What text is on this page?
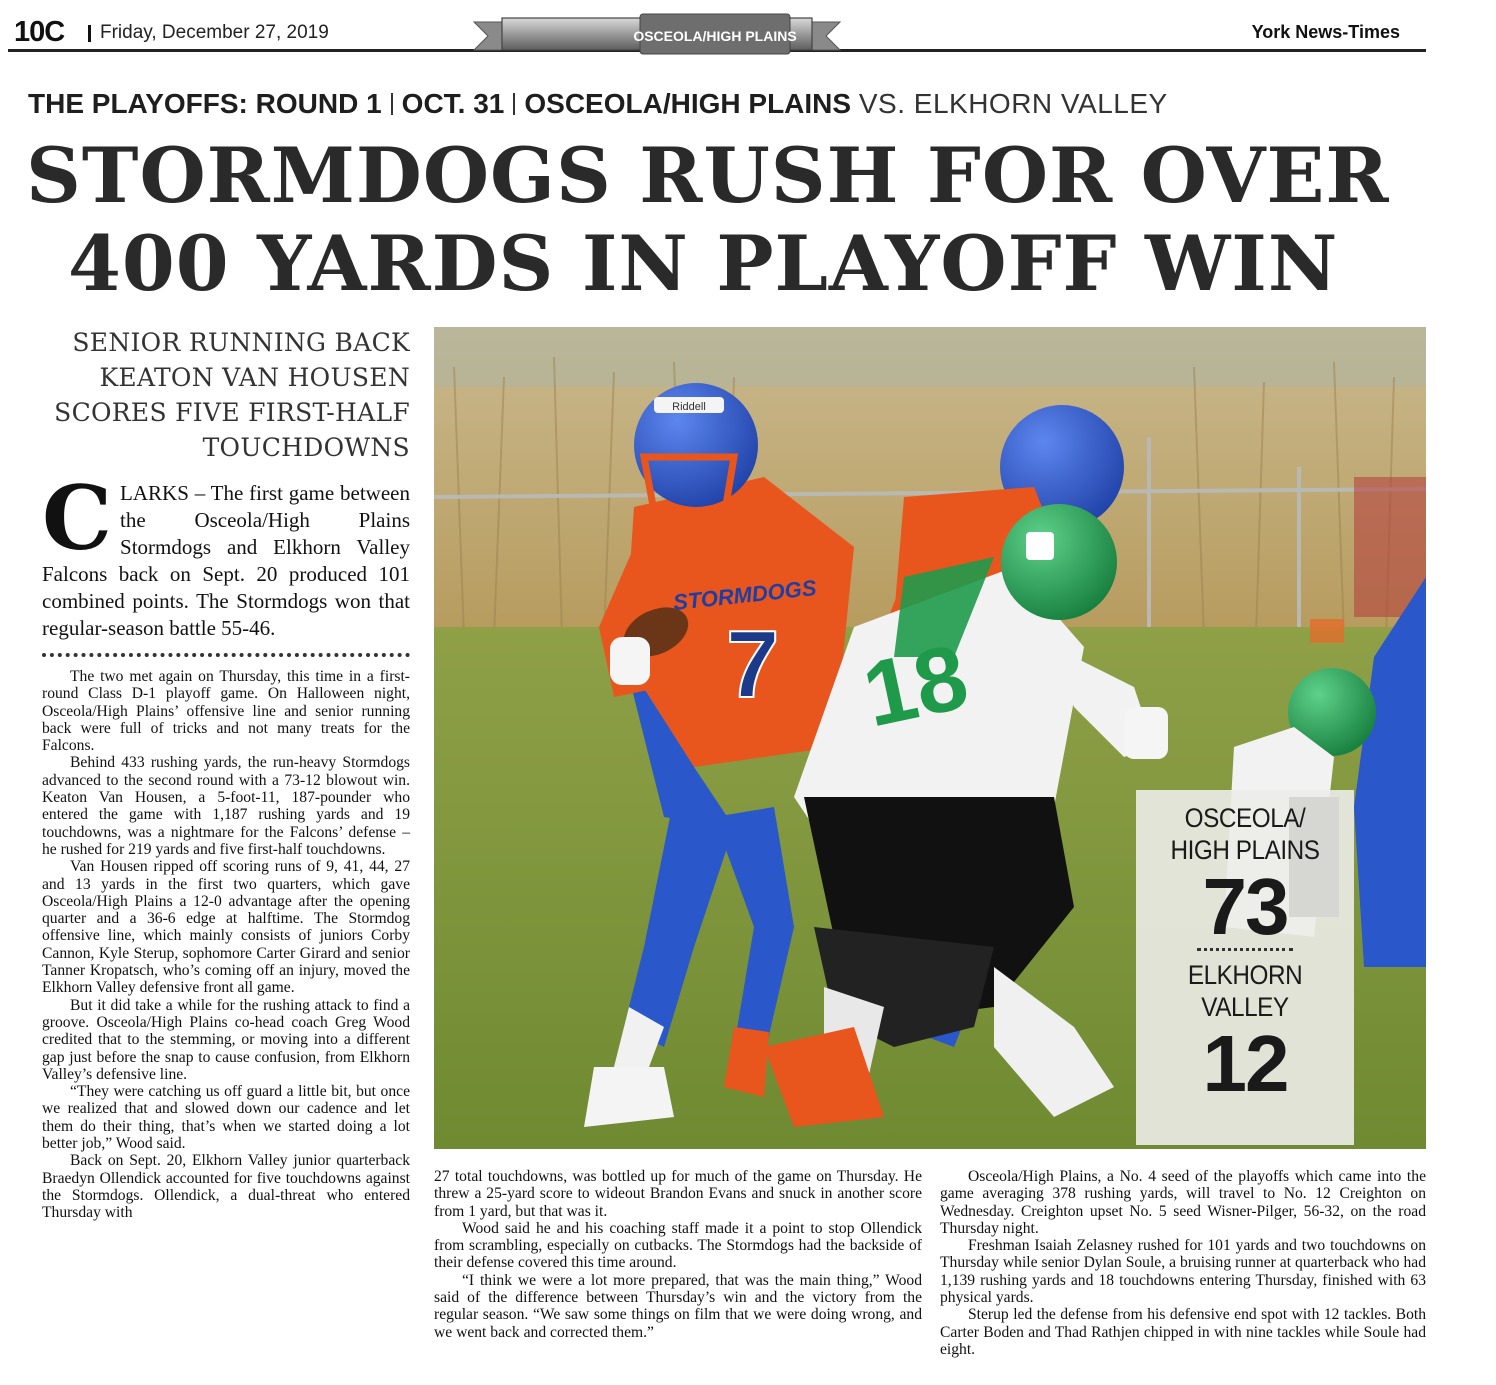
10C Friday, December 27, 2019	York News-Times
OSCEOLA/HIGH PLAINS
THE PLAYOFFS: ROUND 1 OCT. 31 OSCEOLA/HIGH PLAINS VS. ELKHORN VALLEY
STORMDOGS RUSH FOR OVER
400 YARDS IN PLAYOFF WIN
SENIOR RUNNING BACK
KEATON VAN HOUSEN
SCORES FIVE FIRST-HALF
TOUCHDOWNS
CLARKS – The first game between the Osceola/High Plains Stormdogs and Elkhorn Valley Falcons back on Sept. 20 produced 101 combined points. The Stormdogs won that regular-season battle 55-46.

The two met again on Thursday, this time in a first-round Class D-1 playoff game. On Halloween night, Osceola/High Plains’ offensive line and senior running back were full of tricks and not many treats for the Falcons.

Behind 433 rushing yards, the run-heavy Stormdogs advanced to the second round with a 73-12 blowout win. Keaton Van Housen, a 5-foot-11, 187-pounder who entered the game with 1,187 rushing yards and 19 touchdowns, was a nightmare for the Falcons’ defense – he rushed for 219 yards and five first-half touchdowns.

Van Housen ripped off scoring runs of 9, 41, 44, 27 and 13 yards in the first two quarters, which gave Osceola/High Plains a 12-0 advantage after the opening quarter and a 36-6 edge at halftime. The Stormdog offensive line, which mainly consists of juniors Corby Cannon, Kyle Sterup, sophomore Carter Girard and senior Tanner Kropatsch, who’s coming off an injury, moved the Elkhorn Valley defensive front all game.

But it did take a while for the rushing attack to find a groove. Osceola/High Plains co-head coach Greg Wood credited that to the stemming, or moving into a different gap just before the snap to cause confusion, from Elkhorn Valley’s defensive line.

“They were catching us off guard a little bit, but once we realized that and slowed down our cadence and let them do their thing, that’s when we started doing a lot better job,” Wood said.

Back on Sept. 20, Elkhorn Valley junior quarterback Braedyn Ollendick accounted for five touchdowns against the Stormdogs. Ollendick, a dual-threat who entered Thursday with

27 total touchdowns, was bottled up for much of the game on Thursday. He threw a 25-yard score to wideout Brandon Evans and snuck in another score from 1 yard, but that was it.

Wood said he and his coaching staff made it a point to stop Ollendick from scrambling, especially on cutbacks. The Stormdogs had the backside of their defense covered this time around.

“I think we were a lot more prepared, that was the main thing,” Wood said of the difference between Thursday’s win and the victory from the regular season. “We saw some things on film that we were doing wrong, and we went back and corrected them.”

Osceola/High Plains, a No. 4 seed of the playoffs which came into the game averaging 378 rushing yards, will travel to No. 12 Creighton on Wednesday. Creighton upset No. 5 seed Wisner-Pilger, 56-32, on the road Thursday night.

Freshman Isaiah Zelasney rushed for 101 yards and two touchdowns on Thursday while senior Dylan Soule, a bruising runner at quarterback who had 1,139 rushing yards and 18 touchdowns entering Thursday, finished with 63 physical yards.

Sterup led the defense from his defensive end spot with 12 tackles. Both Carter Boden and Thad Rathjen chipped in with nine tackles while Soule had eight.

STORMDOGS
7
Riddell
18
OSCEOLA/
HIGH PLAINS
73
ELKHORN
VALLEY
12
